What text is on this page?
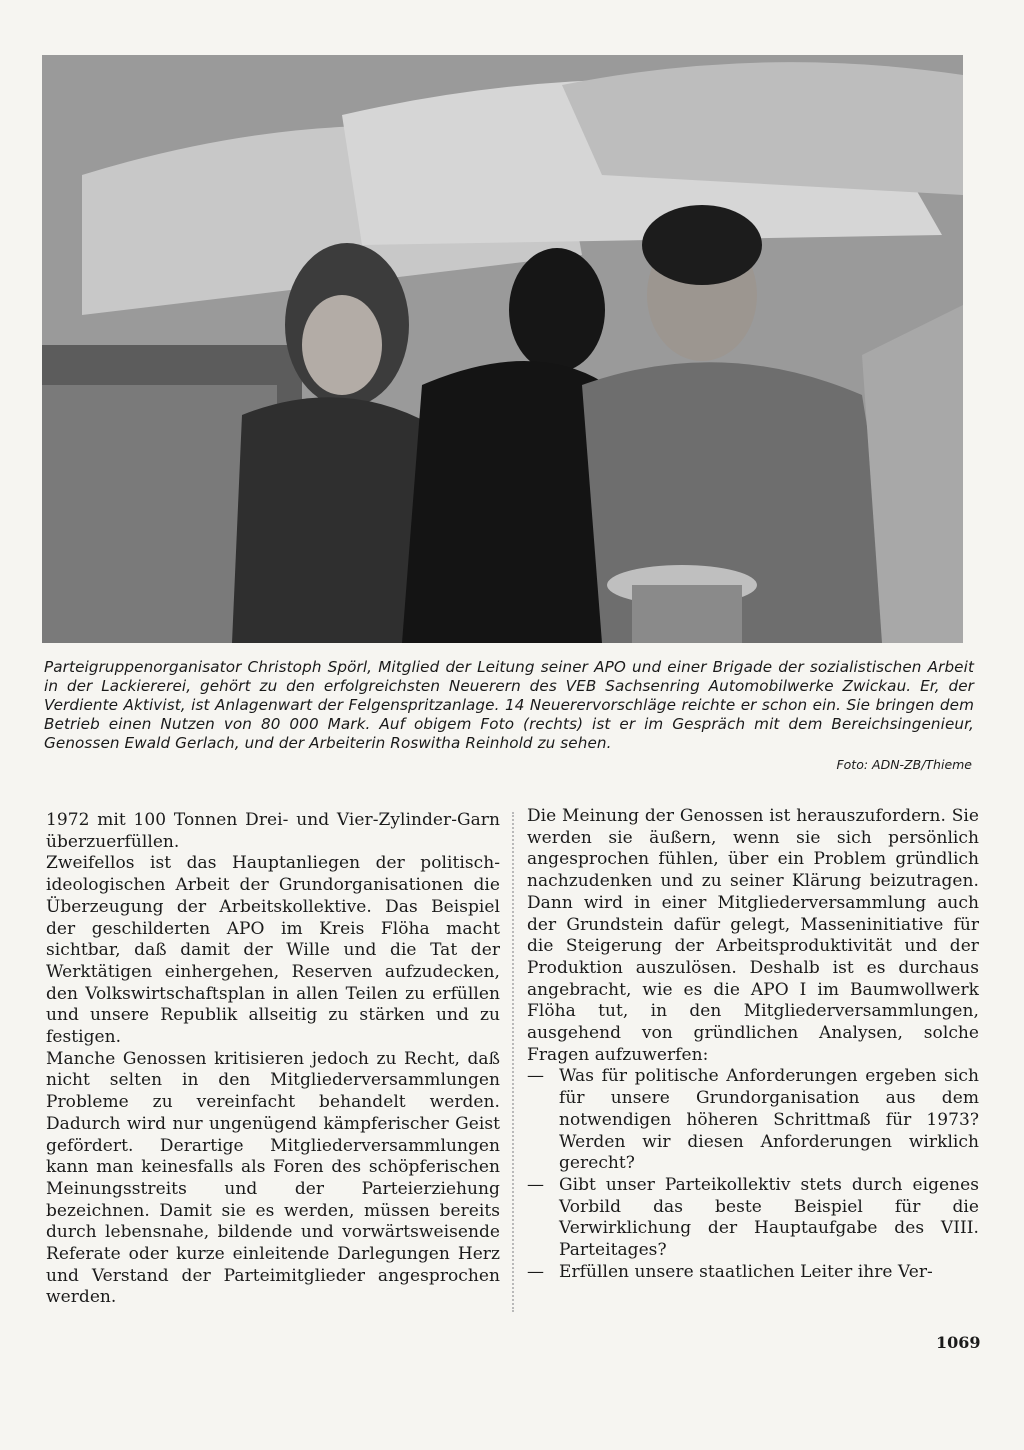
Parteigruppenorganisator Christoph Spörl, Mitglied der Leitung seiner APO und einer Brigade der sozialistischen Arbeit in der Lackiererei, gehört zu den erfolgreichsten Neuerern des VEB Sachsenring Automobilwerke Zwickau. Er, der Verdiente Aktivist, ist Anlagenwart der Felgenspritzanlage. 14 Neuerervorschläge reichte er schon ein. Sie bringen dem Betrieb einen Nutzen von 80 000 Mark. Auf obigem Foto (rechts) ist er im Gespräch mit dem Bereichsingenieur, Genossen Ewald Gerlach, und der Arbeiterin Roswitha Reinhold zu sehen.
Foto: ADN-ZB/Thieme

1972 mit 100 Tonnen Drei- und Vier-Zylinder-Garn überzuerfüllen.

Zweifellos ist das Hauptanliegen der politisch-ideologischen Arbeit der Grundorganisationen die Überzeugung der Arbeitskollektive. Das Beispiel der geschilderten APO im Kreis Flöha macht sichtbar, daß damit der Wille und die Tat der Werktätigen einhergehen, Reserven aufzudecken, den Volkswirtschaftsplan in allen Teilen zu erfüllen und unsere Republik allseitig zu stärken und zu festigen.

Manche Genossen kritisieren jedoch zu Recht, daß nicht selten in den Mitgliederversammlungen Probleme zu vereinfacht behandelt werden. Dadurch wird nur ungenügend kämpferischer Geist gefördert. Derartige Mitgliederversammlungen kann man keinesfalls als Foren des schöpferischen Meinungsstreits und der Parteierziehung bezeichnen. Damit sie es werden, müssen bereits durch lebensnahe, bildende und vorwärtsweisende Referate oder kurze einleitende Darlegungen Herz und Verstand der Parteimitglieder angesprochen werden.

Die Meinung der Genossen ist herauszufordern. Sie werden sie äußern, wenn sie sich persönlich angesprochen fühlen, über ein Problem gründlich nachzudenken und zu seiner Klärung beizutragen. Dann wird in einer Mitgliederversammlung auch der Grundstein dafür gelegt, Masseninitiative für die Steigerung der Arbeitsproduktivität und der Produktion auszulösen. Deshalb ist es durchaus angebracht, wie es die APO I im Baumwollwerk Flöha tut, in den Mitgliederversammlungen, ausgehend von gründlichen Analysen, solche Fragen aufzuwerfen:

— Was für politische Anforderungen ergeben sich für unsere Grundorganisation aus dem notwendigen höheren Schrittmaß für 1973? Werden wir diesen Anforderungen wirklich gerecht?
— Gibt unser Parteikollektiv stets durch eigenes Vorbild das beste Beispiel für die Verwirklichung der Hauptaufgabe des VIII. Parteitages?
— Erfüllen unsere staatlichen Leiter ihre Ver-
1069
